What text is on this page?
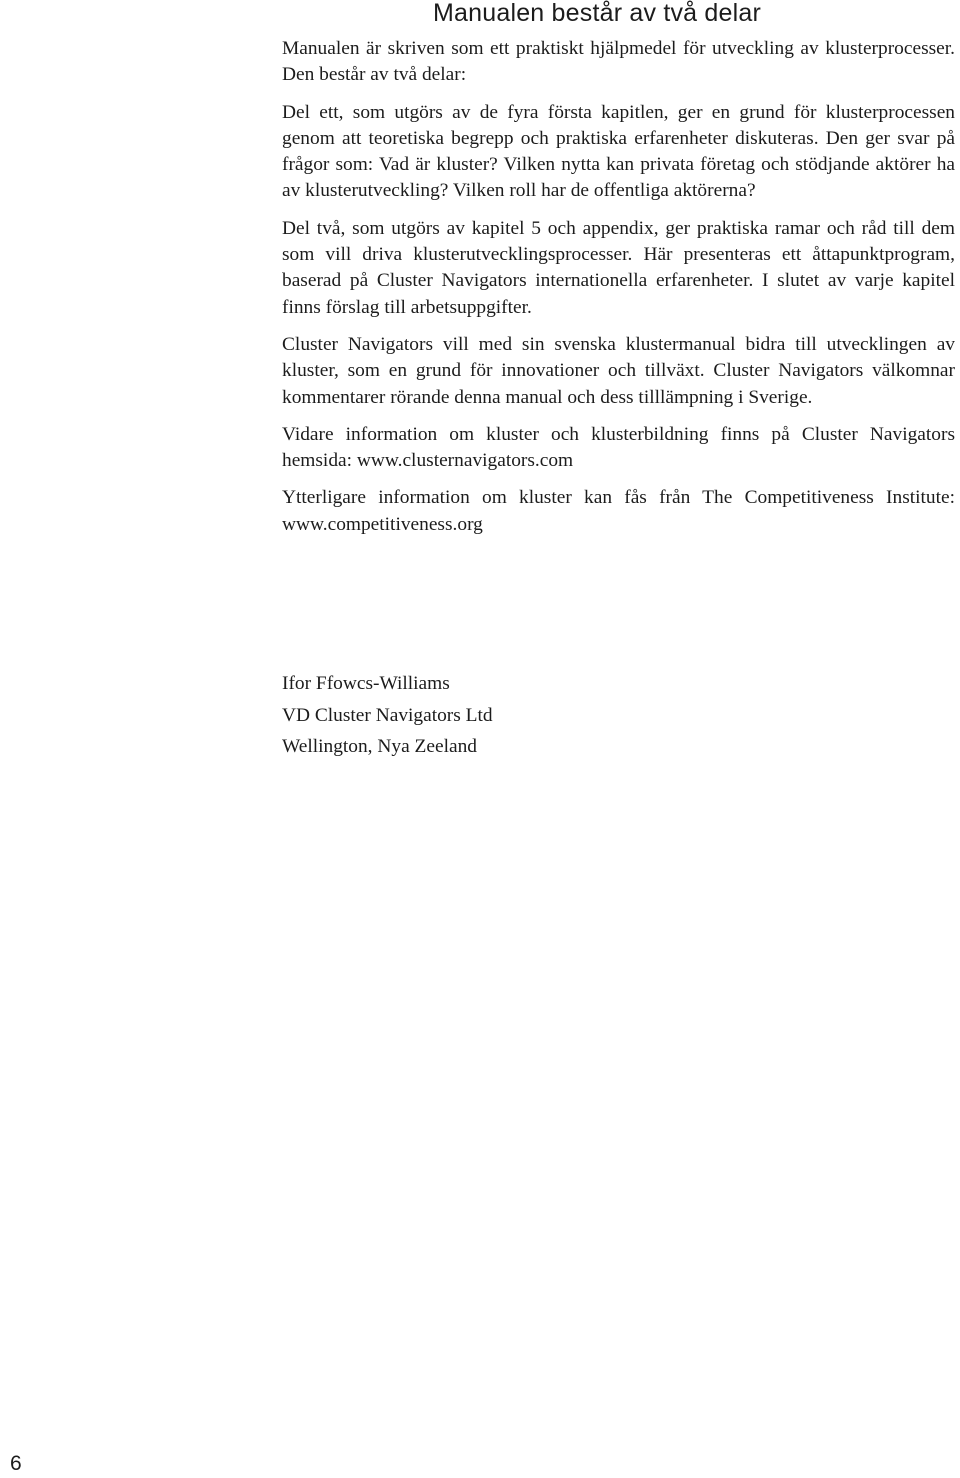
Manualen består av två delar

Manualen är skriven som ett praktiskt hjälpmedel för utveckling av klusterprocesser. Den består av två delar:

Del ett, som utgörs av de fyra första kapitlen, ger en grund för klusterprocessen genom att teoretiska begrepp och praktiska erfarenheter diskuteras. Den ger svar på frågor som: Vad är kluster? Vilken nytta kan privata företag och stödjande aktörer ha av klusterutveckling? Vilken roll har de offentliga aktörerna?

Del två, som utgörs av kapitel 5 och appendix, ger praktiska ramar och råd till dem som vill driva klusterutvecklingsprocesser. Här presenteras ett åttapunktprogram, baserad på Cluster Navigators internationella erfarenheter. I slutet av varje kapitel finns förslag till arbetsuppgifter.

Cluster Navigators vill med sin svenska klustermanual bidra till utvecklingen av kluster, som en grund för innovationer och tillväxt. Cluster Navigators välkomnar kommentarer rörande denna manual och dess tilllämpning i Sverige.

Vidare information om kluster och klusterbildning finns på Cluster Navigators hemsida: www.clusternavigators.com

Ytterligare information om kluster kan fås från The Competitiveness Institute: www.competitiveness.org

Ifor Ffowcs-Williams
VD Cluster Navigators Ltd
Wellington, Nya Zeeland
6
